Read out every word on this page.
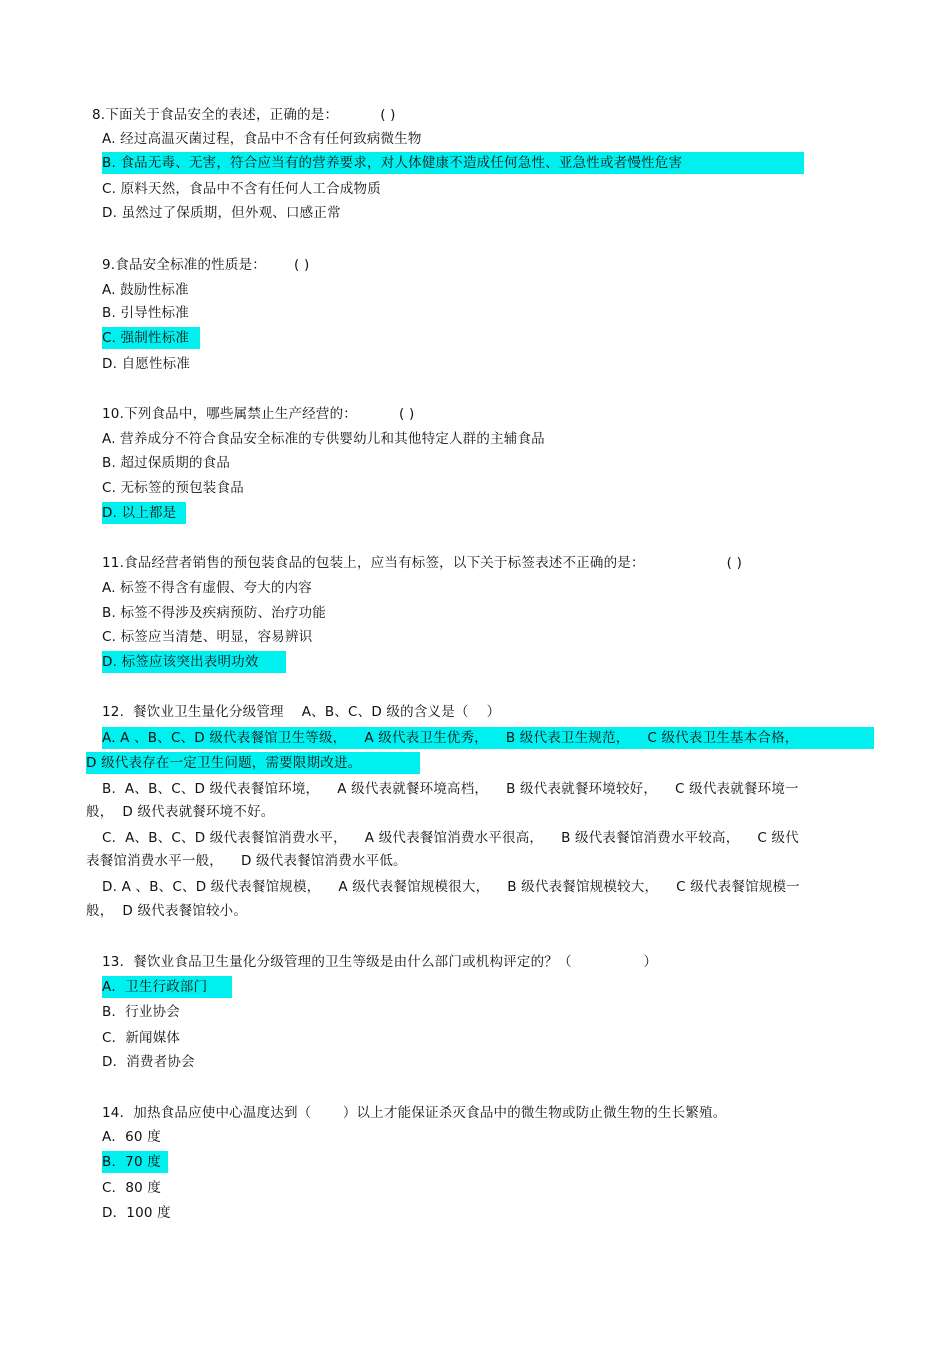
8.下面关于食品安全的表述，正确的是：	( )
A. 经过高温灭菌过程，食品中不含有任何致病微生物
B. 食品无毒、无害，符合应当有的营养要求，对人体健康不造成任何急性、亚急性或者慢性危害
C. 原料天然，食品中不含有任何人工合成物质
D. 虽然过了保质期，但外观、口感正常
9.食品安全标准的性质是： ( )
A. 鼓励性标准
B. 引导性标准
C. 强制性标准
D. 自愿性标准
10.下列食品中，哪些属禁止生产经营的：	( )
A. 营养成分不符合食品安全标准的专供婴幼儿和其他特定人群的主辅食品
B. 超过保质期的食品
C. 无标签的预包装食品
D. 以上都是
11.食品经营者销售的预包装食品的包装上，应当有标签，以下关于标签表述不正确的是：	( )
A. 标签不得含有虚假、夸大的内容
B. 标签不得涉及疾病预防、治疗功能
C. 标签应当清楚、明显，容易辨识
D. 标签应该突出表明功效
12.  餐饮业卫生量化分级管理    A、B、C、D 级的含义是（    ）
A. A 、B、C、D 级代表餐馆卫生等级，    A 级代表卫生优秀，    B 级代表卫生规范，    C 级代表卫生基本合格，
D 级代表存在一定卫生问题，需要限期改进。
B.  A、B、C、D 级代表餐馆环境，    A 级代表就餐环境高档，    B 级代表就餐环境较好，    C 级代表就餐环境一
般，  D 级代表就餐环境不好。
C.  A、B、C、D 级代表餐馆消费水平，    A 级代表餐馆消费水平很高，    B 级代表餐馆消费水平较高，    C 级代
表餐馆消费水平一般，    D 级代表餐馆消费水平低。
D. A 、B、C、D 级代表餐馆规模，    A 级代表餐馆规模很大，    B 级代表餐馆规模较大，    C 级代表餐馆规模一
般，  D 级代表餐馆较小。
13．餐饮业食品卫生量化分级管理的卫生等级是由什么部门或机构评定的？（                ）
A．卫生行政部门
B．行业协会
C．新闻媒体
D．消费者协会
14．加热食品应使中心温度达到（       ）以上才能保证杀灭食品中的微生物或防止微生物的生长繁殖。
A．60 度
B．70 度
C．80 度
D．100 度
